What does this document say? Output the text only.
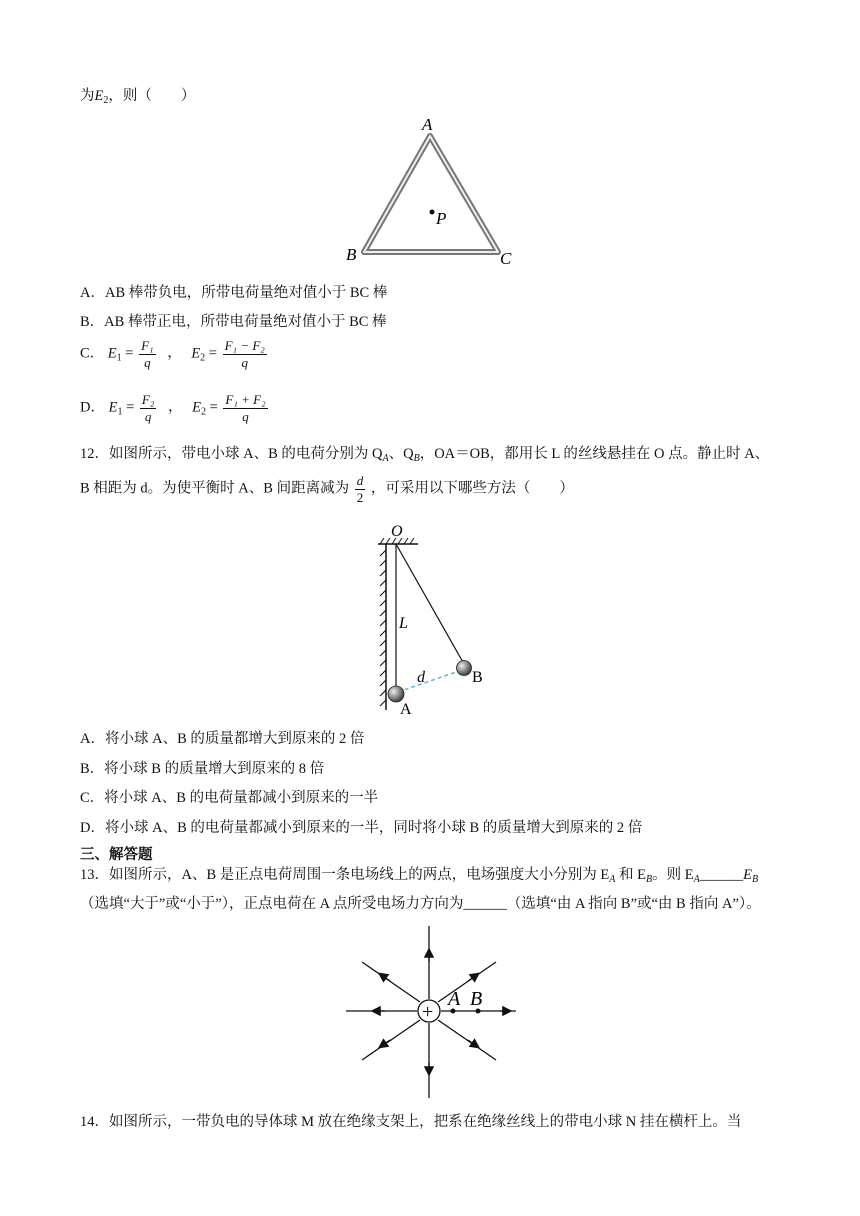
为$E_2$，则（　　）
A
B	C
P
A．AB 棒带负电，所带电荷量绝对值小于 BC 棒
B．AB 棒带正电，所带电荷量绝对值小于 BC 棒
C． $E_1 = \frac{\text{F₁}}{q}$ ， $E_2 = \frac{\text{F₁ − F₂}}{q}$
D． $E_1 = \frac{\text{F₂}}{q}$ ， $E_2 = \frac{\text{F₁ + F₂}}{q}$
12．如图所示，带电小球 A、B 的电荷分别为 $Q_A$、$Q_B$，OA＝OB，都用长 L 的丝线悬挂在 O 点。静止时 A、
B 相距为 d。为使平衡时 A、B 间距离减为 $\frac{d}{2}$ ，可采用以下哪些方法（　　）
O
L
d
A
B
A．将小球 A、B 的质量都增大到原来的 2 倍
B．将小球 B 的质量增大到原来的 8 倍
C．将小球 A、B 的电荷量都减小到原来的一半
D．将小球 A、B 的电荷量都减小到原来的一半，同时将小球 B 的质量增大到原来的 2 倍
三、解答题
13．如图所示，A、B 是正点电荷周围一条电场线上的两点，电场强度大小分别为 $E_A$ 和 $E_B$。则 $E_A\_\_\_\_\_\_E_B$
（选填“大于”或“小于”），正点电荷在 A 点所受电场力方向为______（选填“由 A 指向 B”或“由 B 指向 A”）。
+
A B
14．如图所示，一带负电的导体球 M 放在绝缘支架上，把系在绝缘丝线上的带电小球 N 挂在横杆上。当
